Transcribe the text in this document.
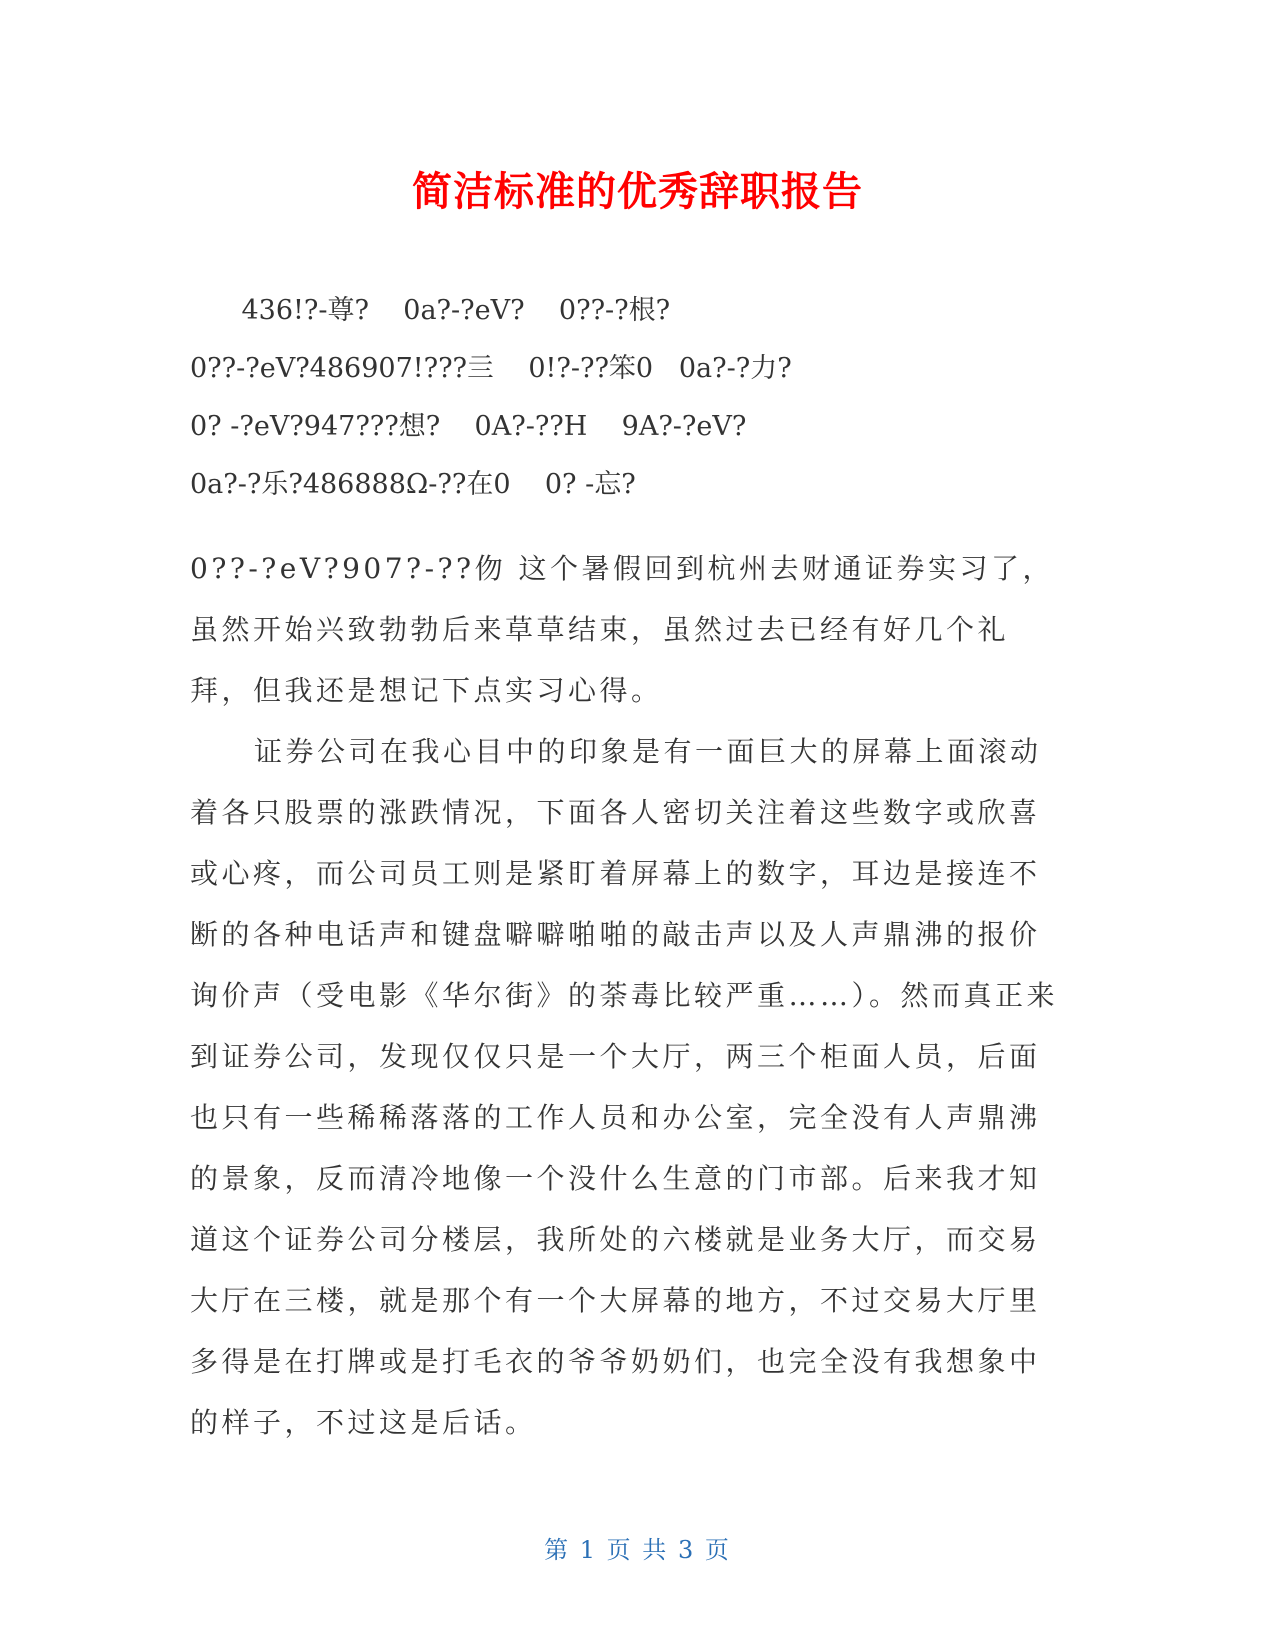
简洁标准的优秀辞职报告
436!?-尊?    0a?-?eV?    0??-?根?
0??-?eV?486907!???亖    0!?-??笨0   0a?-?力?
0? -?eV?947???想?    0A?-??H    9A?-?eV?
0a?-?乐?486888Ω-??在0    0? -忘?

0??-?eV?907?-??伆 这个暑假回到杭州去财通证券实习了，虽然开始兴致勃勃后来草草结束，虽然过去已经有好几个礼拜，但我还是想记下点实习心得。

证券公司在我心目中的印象是有一面巨大的屏幕上面滚动着各只股票的涨跌情况，下面各人密切关注着这些数字或欣喜或心疼，而公司员工则是紧盯着屏幕上的数字，耳边是接连不断的各种电话声和键盘噼噼啪啪的敲击声以及人声鼎沸的报价询价声（受电影《华尔街》的荼毒比较严重……）。然而真正来到证券公司，发现仅仅只是一个大厅，两三个柜面人员，后面也只有一些稀稀落落的工作人员和办公室，完全没有人声鼎沸的景象，反而清冷地像一个没什么生意的门市部。后来我才知道这个证券公司分楼层，我所处的六楼就是业务大厅，而交易大厅在三楼，就是那个有一个大屏幕的地方，不过交易大厅里多得是在打牌或是打毛衣的爷爷奶奶们，也完全没有我想象中的样子，不过这是后话。

第 1 页 共 3 页
